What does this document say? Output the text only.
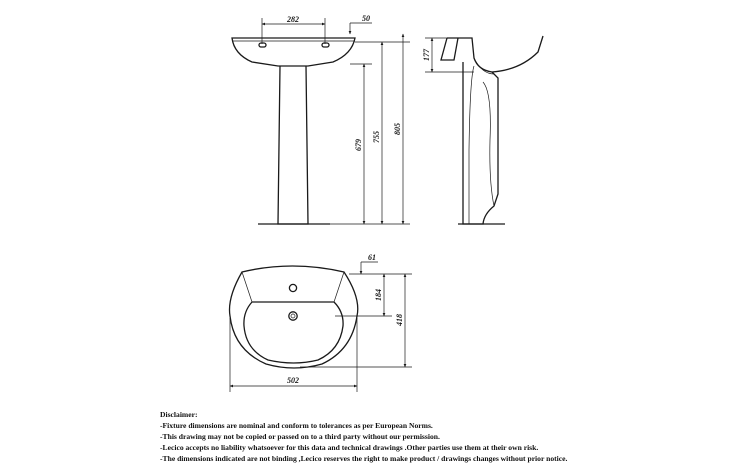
282	50
679
755
805
177
61
184
418
502
Disclaimer:
-Fixture dimensions are nominal and conform to tolerances as per European Norms.
-This drawing may not be copied or passed on to a third party without our permission.
-Lecico accepts no liability whatsoever for this data and technical drawings .Other parties use them at their own risk.
-The dimensions indicated are not binding ,Lecico reserves the right to make product / drawings changes without prior notice.
